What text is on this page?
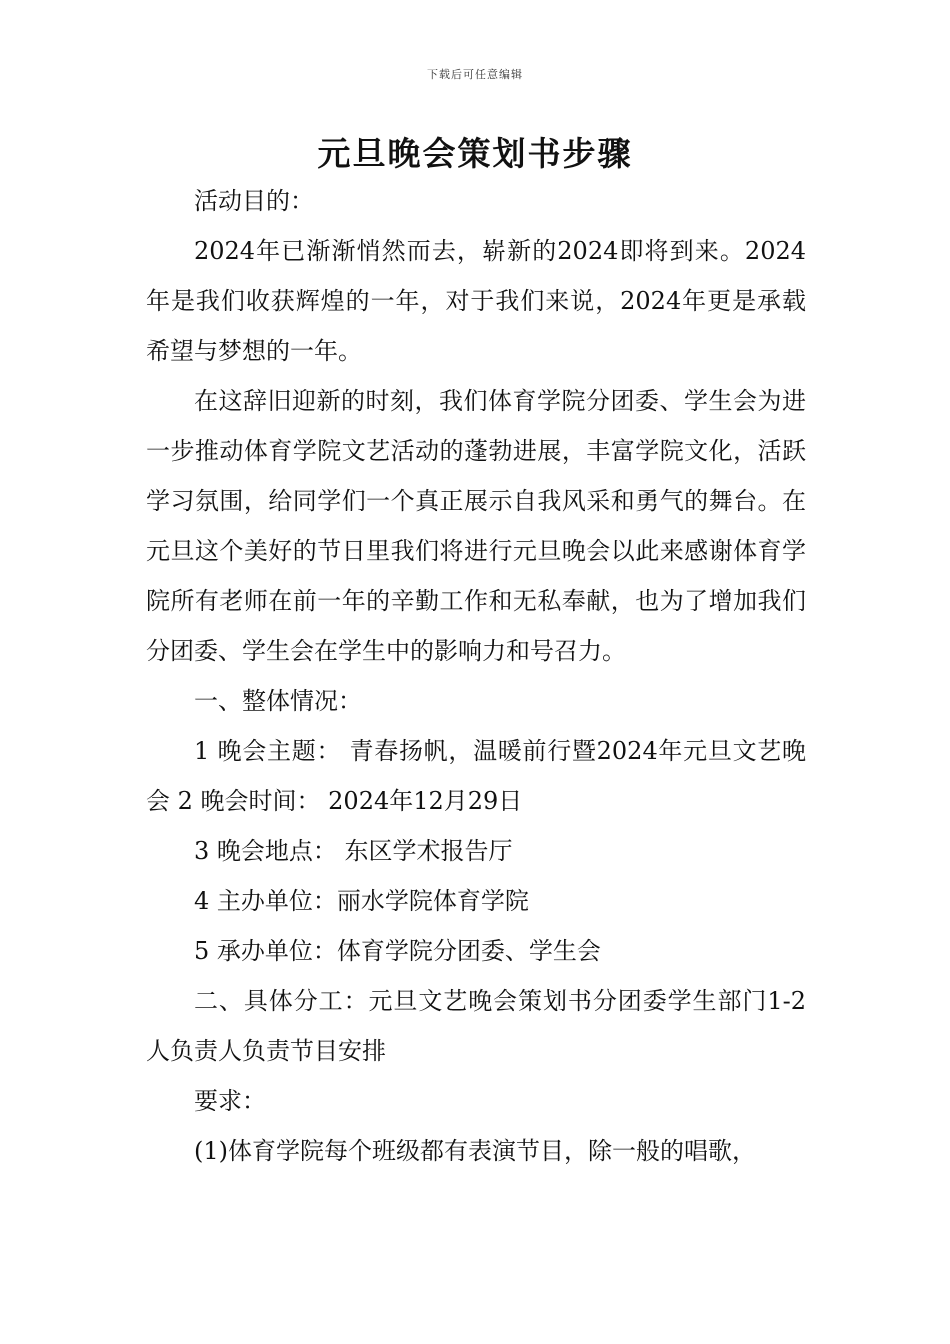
下载后可任意编辑
元旦晚会策划书步骤

活动目的：

2024年已渐渐悄然而去，崭新的2024即将到来。2024年是我们收获辉煌的一年，对于我们来说，2024年更是承载希望与梦想的一年。

在这辞旧迎新的时刻，我们体育学院分团委、学生会为进一步推动体育学院文艺活动的蓬勃进展，丰富学院文化，活跃学习氛围，给同学们一个真正展示自我风采和勇气的舞台。在元旦这个美好的节日里我们将进行元旦晚会以此来感谢体育学院所有老师在前一年的辛勤工作和无私奉献，也为了增加我们分团委、学生会在学生中的影响力和号召力。

一、整体情况：

1 晚会主题： 青春扬帆，温暖前行暨2024年元旦文艺晚会 2 晚会时间： 2024年12月29日

3 晚会地点： 东区学术报告厅

4 主办单位：丽水学院体育学院

5 承办单位：体育学院分团委、学生会

二、具体分工：元旦文艺晚会策划书分团委学生部门1-2人负责人负责节目安排

要求：

(1)体育学院每个班级都有表演节目，除一般的唱歌，
